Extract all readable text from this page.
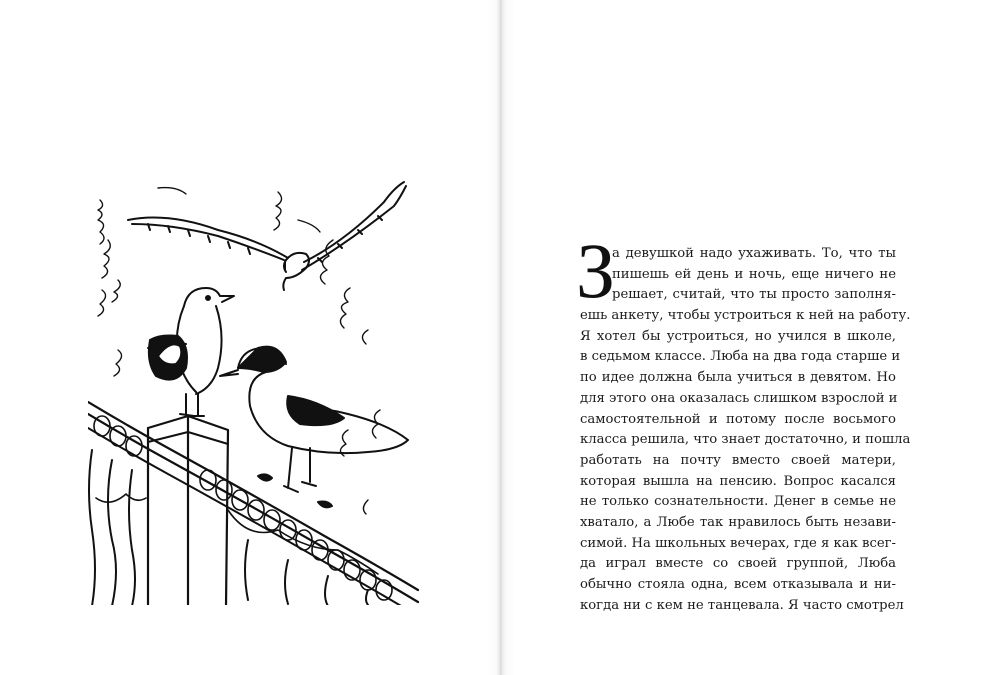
З
а девушкой надо ухаживать. То, что ты
пишешь ей день и ночь, еще ничего не
решает, считай, что ты просто заполня-
ешь анкету, чтобы устроиться к ней на работу.
Я хотел бы устроиться, но учился в школе,
в седьмом классе. Люба на два года старше и
по идее должна была учиться в девятом. Но
для этого она оказалась слишком взрослой и
самостоятельной и потому после восьмого
класса решила, что знает достаточно, и пошла
работать на почту вместо своей матери,
которая вышла на пенсию. Вопрос касался
не только сознательности. Денег в семье не
хватало, а Любе так нравилось быть незави-
симой. На школьных вечерах, где я как всег-
да играл вместе со своей группой, Люба
обычно стояла одна, всем отказывала и ни-
когда ни с кем не танцевала. Я часто смотрел
